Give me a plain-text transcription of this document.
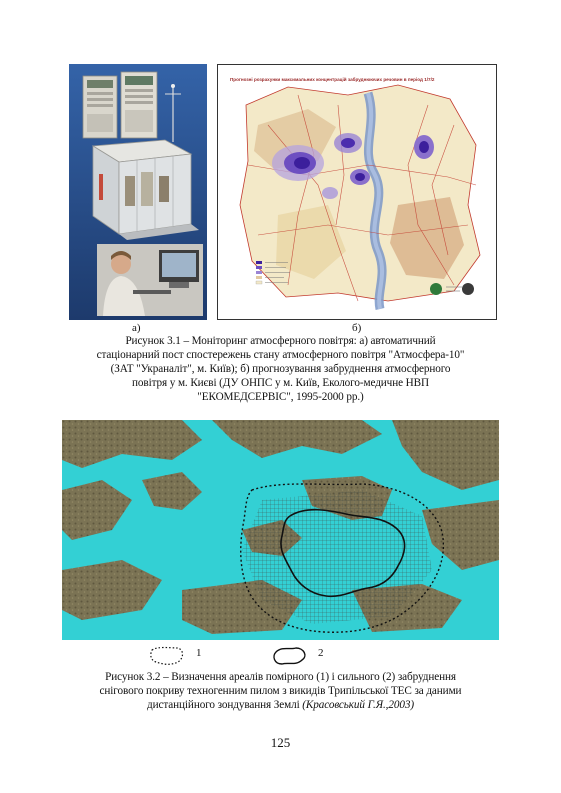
Прогнозні розрахунки максимальних концентрацій забруднюючих речовин в період 1/7/2
а)	б)
Рисунок 3.1 – Моніторинг атмосферного повітря: а) автоматичний
стаціонарний пост спостережень стану атмосферного повітря "Атмосфера-10"
(ЗАТ "Укрaналіт", м. Київ); б) прогнозування забруднення атмосферного
повітря у м. Києві (ДУ ОНПС у м. Київ, Еколого-медичне НВП
"ЕКОМЕДСЕРВІС", 1995-2000 рр.)
1	2
Рисунок 3.2 – Визначення ареалів помірного (1) і сильного (2) забруднення
снігового покриву техногенним пилом з викидів Трипільської ТЕС за даними
дистанційного зондування Землі (Красовський Г.Я.,2003)
125
